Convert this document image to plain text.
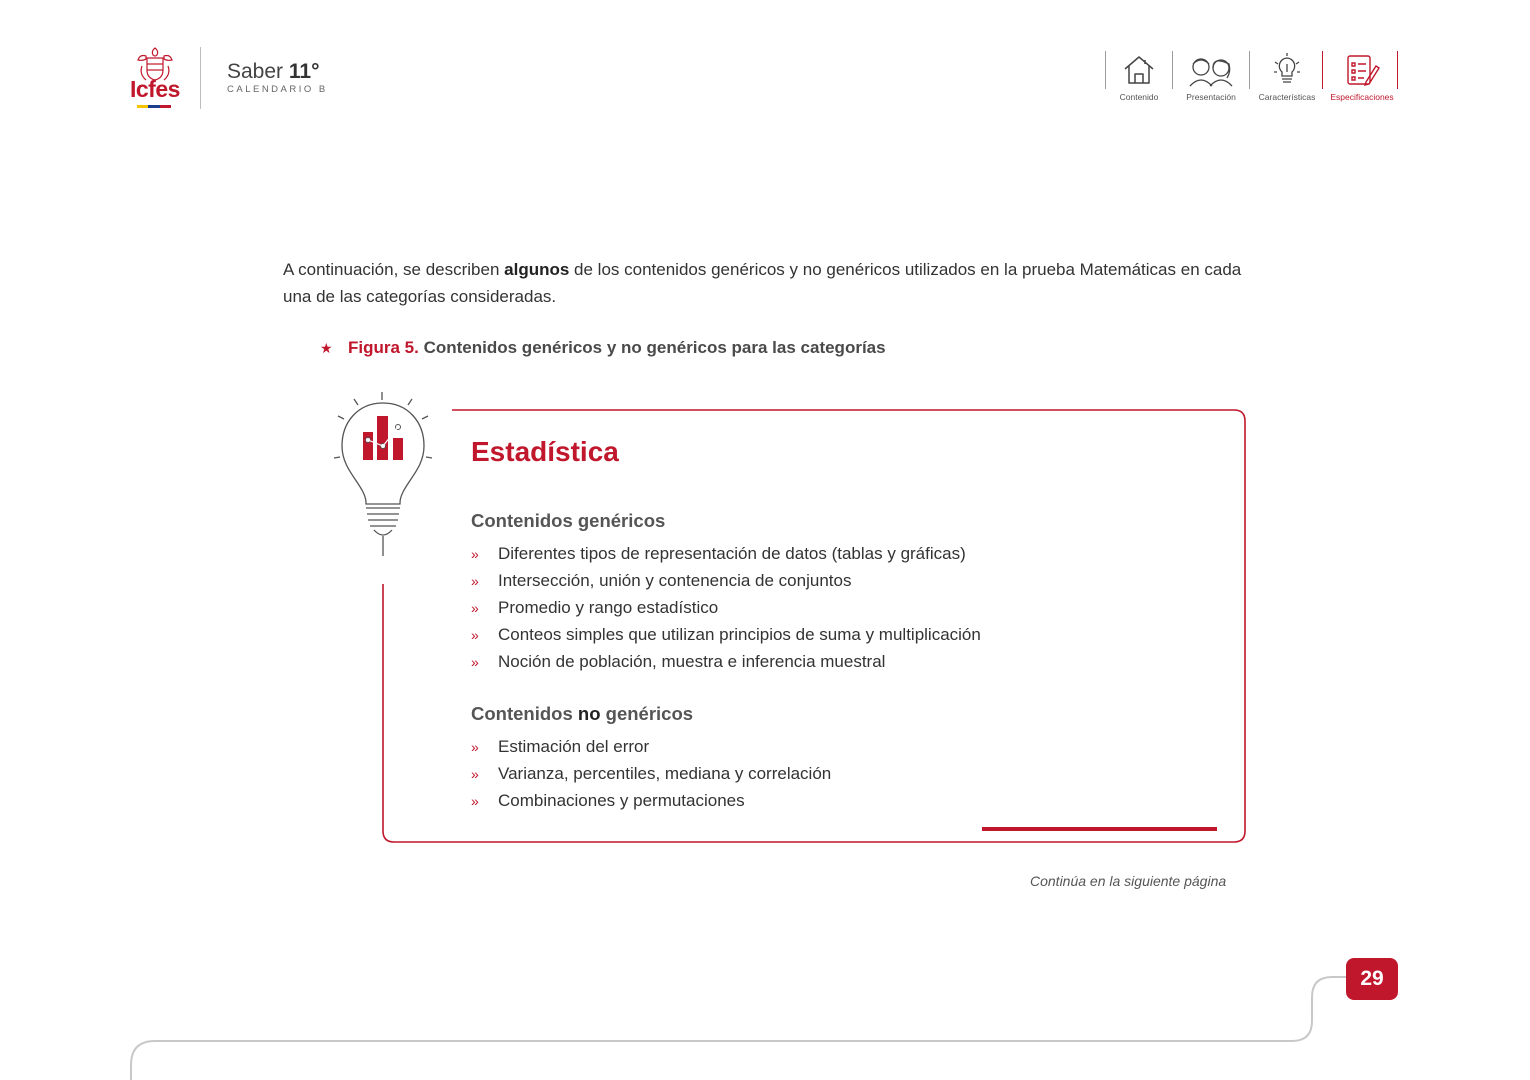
Icfes
Saber 11°
CALENDARIO B
Contenido	Presentación	Características	Especificaciones
A continuación, se describen algunos de los contenidos genéricos y no genéricos utilizados en la prueba Matemáticas en cada una de las categorías consideradas.
★ Figura 5. Contenidos genéricos y no genéricos para las categorías
Estadística
Contenidos genéricos
» Diferentes tipos de representación de datos (tablas y gráficas)
» Intersección, unión y contenencia de conjuntos
» Promedio y rango estadístico
» Conteos simples que utilizan principios de suma y multiplicación
» Noción de población, muestra e inferencia muestral
Contenidos no genéricos
» Estimación del error
» Varianza, percentiles, mediana y correlación
» Combinaciones y permutaciones
Continúa en la siguiente página
29
